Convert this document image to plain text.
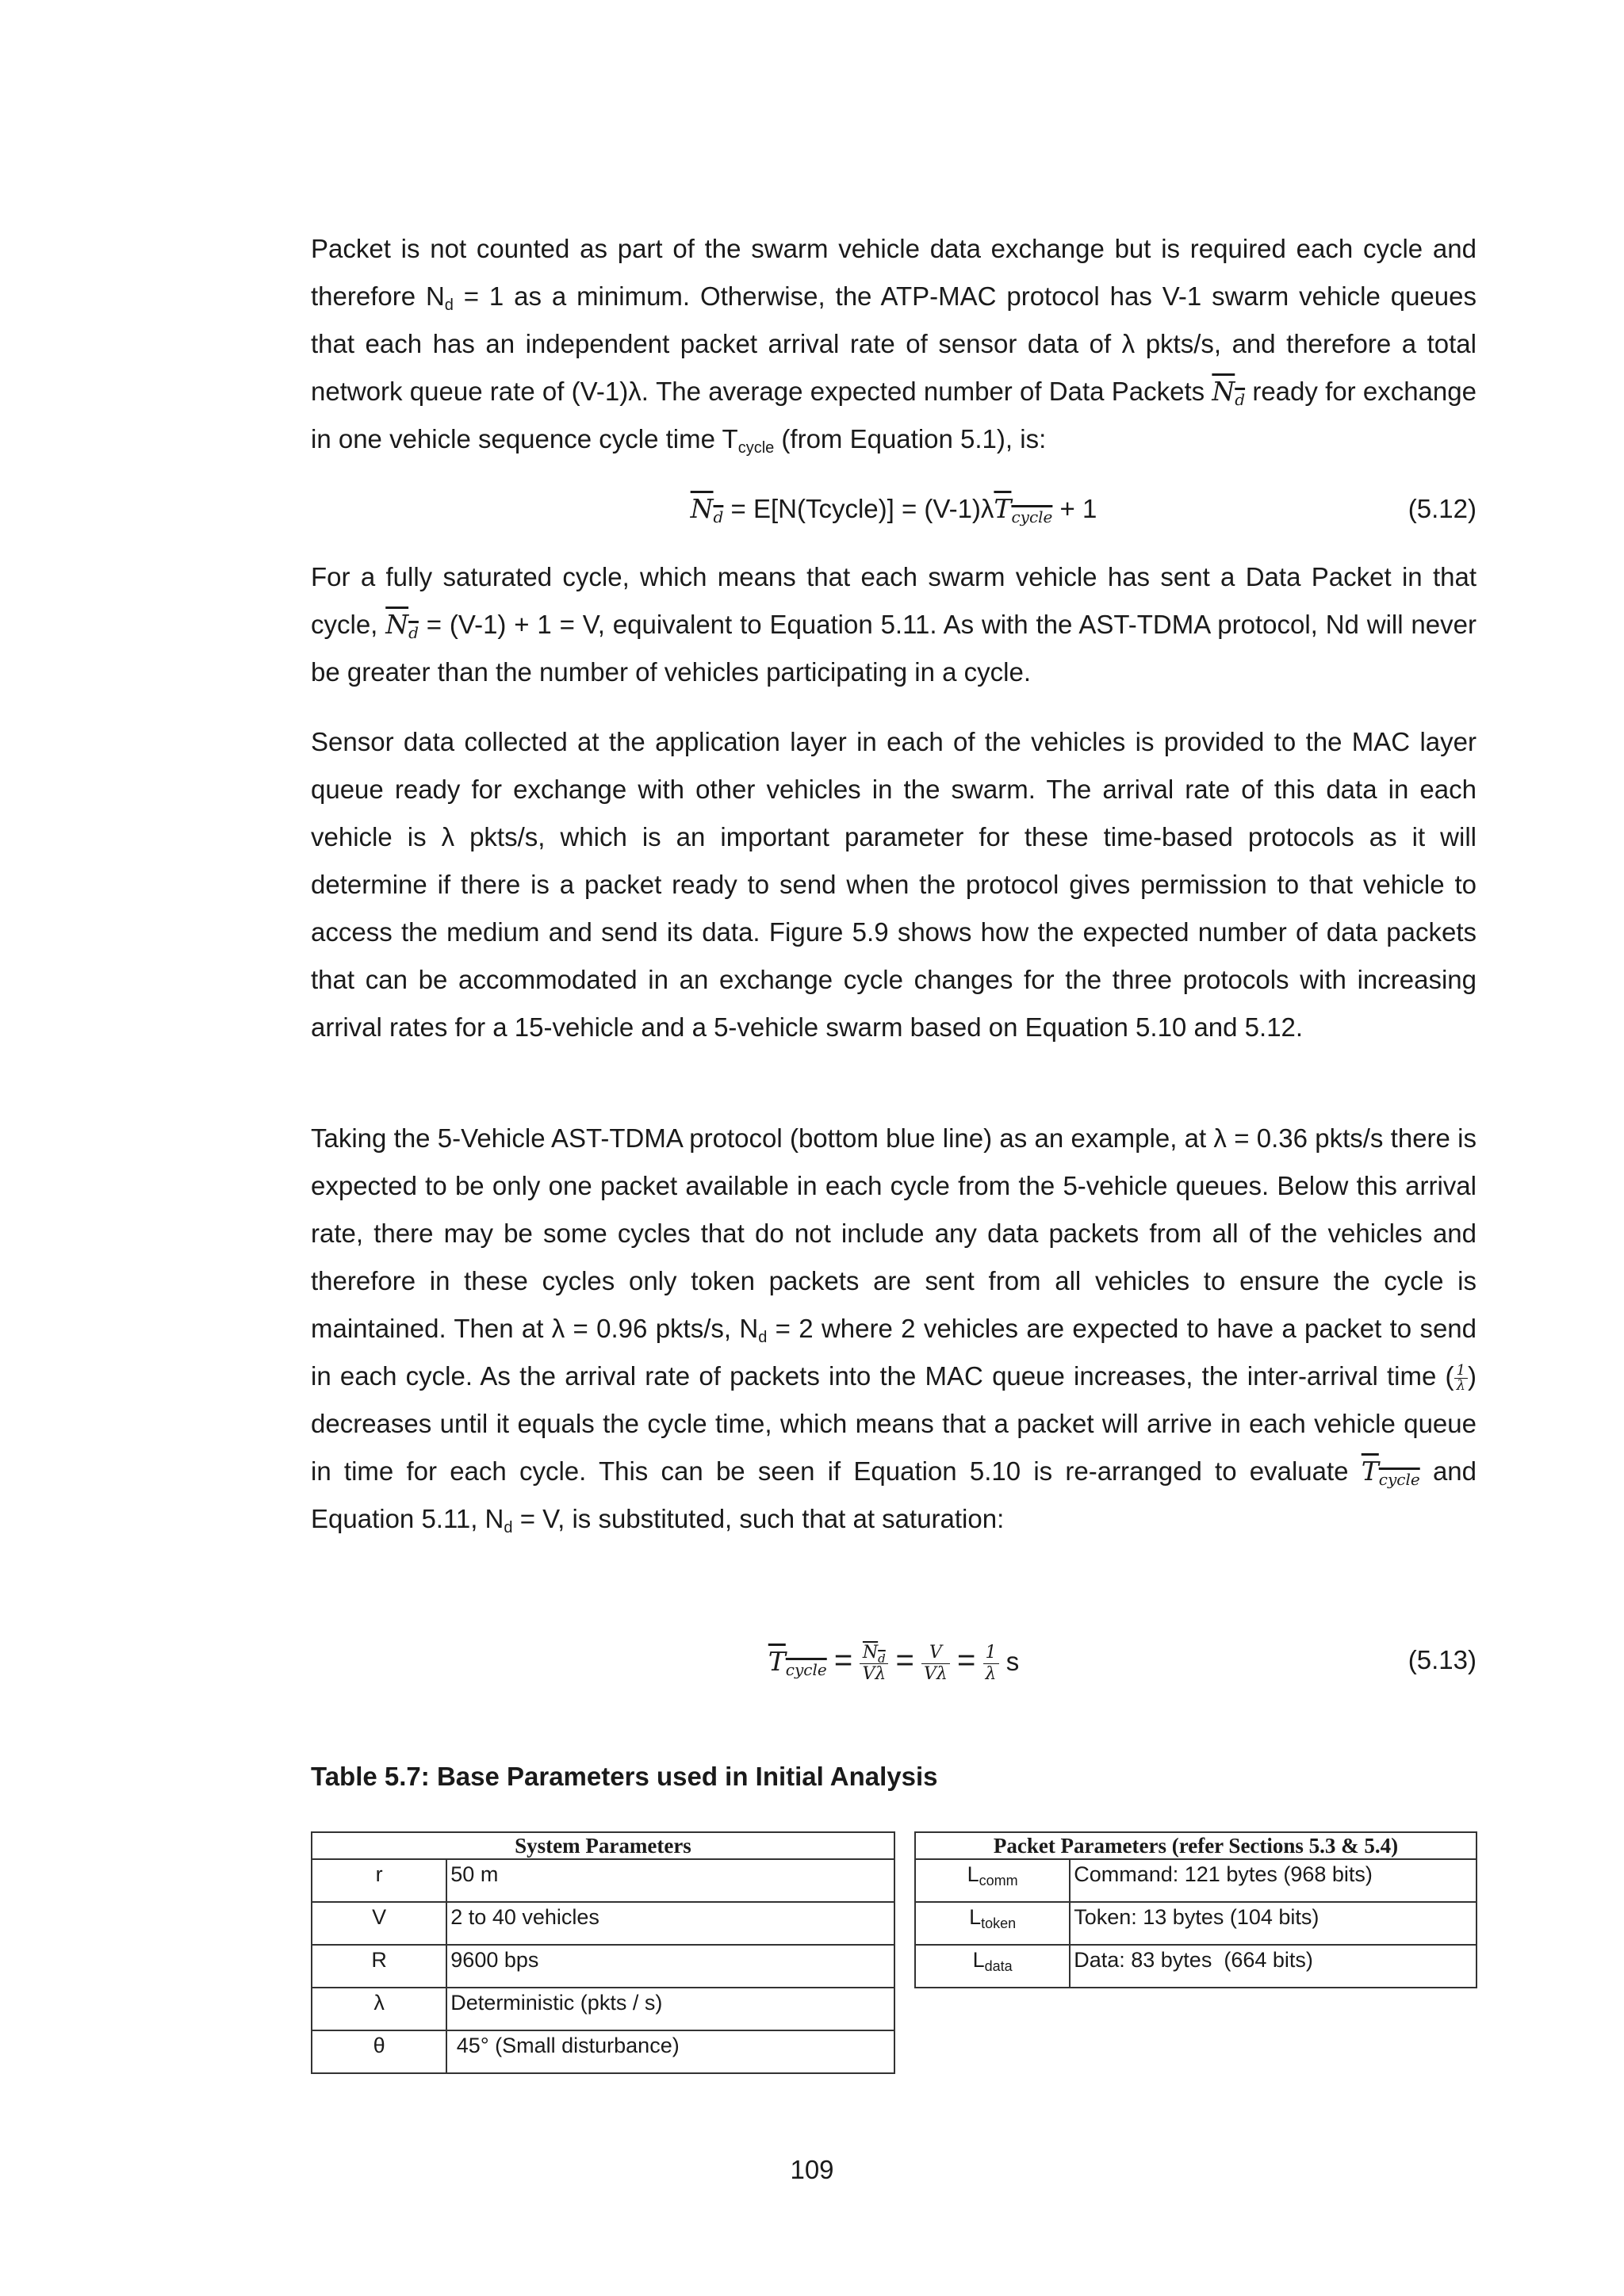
Packet is not counted as part of the swarm vehicle data exchange but is required each cycle and therefore $N_d = 1$ as a minimum. Otherwise, the ATP-MAC protocol has V-1 swarm vehicle queues that each has an independent packet arrival rate of sensor data of λ pkts/s, and therefore a total network queue rate of (V-1)λ. The average expected number of Data Packets $N_d$ ready for exchange in one vehicle sequence cycle time $T_{cycle}$ (from Equation 5.1), is:

$N_d$ = E[N(Tcycle)] = $(V-1)\lambda T_{cycle} + 1$	(5.12)

For a fully saturated cycle, which means that each swarm vehicle has sent a Data Packet in that cycle, $N_d = (V-1) + 1 = V$, equivalent to Equation 5.11. As with the AST-TDMA protocol, Nd will never be greater than the number of vehicles participating in a cycle.

Sensor data collected at the application layer in each of the vehicles is provided to the MAC layer queue ready for exchange with other vehicles in the swarm. The arrival rate of this data in each vehicle is λ pkts/s, which is an important parameter for these time-based protocols as it will determine if there is a packet ready to send when the protocol gives permission to that vehicle to access the medium and send its data. Figure 5.9 shows how the expected number of data packets that can be accommodated in an exchange cycle changes for the three protocols with increasing arrival rates for a 15-vehicle and a 5-vehicle swarm based on Equation 5.10 and 5.12.

Taking the 5-Vehicle AST-TDMA protocol (bottom blue line) as an example, at λ = 0.36 pkts/s there is expected to be only one packet available in each cycle from the 5-vehicle queues. Below this arrival rate, there may be some cycles that do not include any data packets from all of the vehicles and therefore in these cycles only token packets are sent from all vehicles to ensure the cycle is maintained. Then at λ = 0.96 pkts/s, $N_d = 2$ where 2 vehicles are expected to have a packet to send in each cycle. As the arrival rate of packets into the MAC queue increases, the inter-arrival time ( $\frac{1}{\lambda}$ ) decreases until it equals the cycle time, which means that a packet will arrive in each vehicle queue in time for each cycle. This can be seen if Equation 5.10 is re-arranged to evaluate $T_{cycle}$ and Equation 5.11, $N_d = V$, is substituted, such that at saturation:

$T_{cycle} = \frac{N_d}{V\lambda} = \frac{V}{V\lambda} = \frac{1}{\lambda}$ s	(5.13)
Table 5.7: Base Parameters used in Initial Analysis
System Parameters	
r	50 m
V	2 to 40 vehicles
R	9600 bps
λ	Deterministic (pkts / s)
θ	45° (Small disturbance)
Packet Parameters (refer Sections 5.3 & 5.4)	
$L_{comm}$	Command: 121 bytes (968 bits)
$L_{token}$	Token: 13 bytes (104 bits)
$L_{data}$	Data: 83 bytes  (664 bits)
109
